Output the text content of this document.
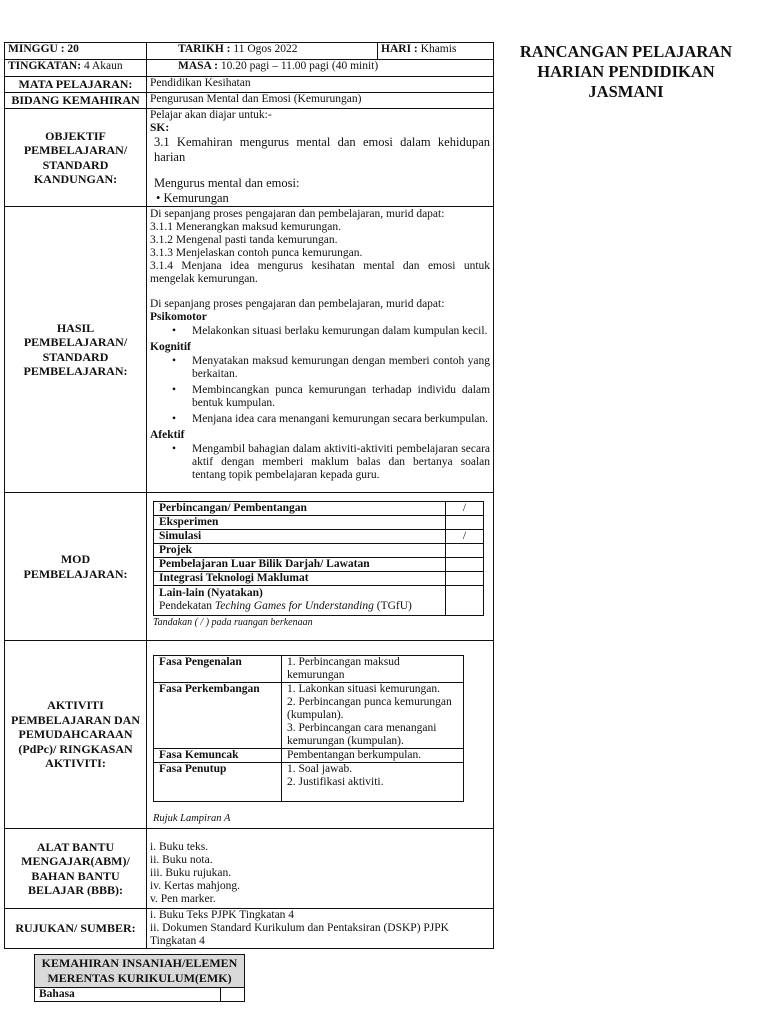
RANCANGAN PELAJARAN
HARIAN PENDIDIKAN
JASMANI
MINGGU : 20	TARIKH : 11 Ogos 2022	HARI : Khamis
TINGKATAN: 4 Akaun	MASA : 10.20 pagi – 11.00 pagi (40 minit)
MATA PELAJARAN:	Pendidikan Kesihatan
BIDANG KEMAHIRAN	Pengurusan Mental dan Emosi (Kemurungan)
OBJEKTIF PEMBELAJARAN/ STANDARD KANDUNGAN:	
Pelajar akan diajar untuk:-
SK:
3.1 Kemahiran mengurus mental dan emosi dalam kehidupan harian
Mengurus mental dan emosi:
• Kemurungan

HASIL PEMBELAJARAN/ STANDARD PEMBELAJARAN:	
Di sepanjang proses pengajaran dan pembelajaran, murid dapat:
3.1.1 Menerangkan maksud kemurungan.
3.1.2 Mengenal pasti tanda kemurungan.
3.1.3 Menjelaskan contoh punca kemurungan.
3.1.4 Menjana idea mengurus kesihatan mental dan emosi untuk mengelak kemurungan.
Di sepanjang proses pengajaran dan pembelajaran, murid dapat:
Psikomotor
• Melakonkan situasi berlaku kemurungan dalam kumpulan kecil.
Kognitif
• Menyatakan maksud kemurungan dengan memberi contoh yang berkaitan.
• Membincangkan punca kemurungan terhadap individu dalam bentuk kumpulan.
• Menjana idea cara menangani kemurungan secara berkumpulan.
Afektif
• Mengambil bahagian dalam aktiviti-aktiviti pembelajaran secara aktif dengan memberi maklum balas dan bertanya soalan tentang topik pembelajaran kepada guru.

MOD PEMBELAJARAN:	
Perbincangan/ Pembentangan	/
Eksperimen	
Simulasi	/
Projek	
Pembelajaran Luar Bilik Darjah/ Lawatan	
Integrasi Teknologi Maklumat	

Lain-lain (Nyatakan)
Pendekatan Teching Games for Understanding (TGfU)

Tandakan ( / ) pada ruangan berkenaan

AKTIVITI PEMBELAJARAN DAN PEMUDAHCARAAN (PdPc)/ RINGKASAN AKTIVITI:	
Fasa Pengenalan	1. Perbincangan maksud kemurungan

Fasa Perkembangan	1. Lakonkan situasi kemurungan.
2. Perbincangan punca kemurungan (kumpulan).
3. Perbincangan cara menangani kemurungan (kumpulan).

Fasa Kemuncak	Pembentangan berkumpulan.

Fasa Penutup	1. Soal jawab.
2. Justifikasi aktiviti.
Rujuk Lampiran A

ALAT BANTU MENGAJAR(ABM)/ BAHAN BANTU BELAJAR (BBB):	
i. Buku teks.
ii. Buku nota.
iii. Buku rujukan.
iv. Kertas mahjong.
v. Pen marker.

RUJUKAN/ SUMBER:	
i. Buku Teks PJPK Tingkatan 4
ii. Dokumen Standard Kurikulum dan Pentaksiran (DSKP) PJPK Tingkatan 4
KEMAHIRAN INSANIAH/ELEMEN MERENTAS KURIKULUM(EMK)
Bahasa	
